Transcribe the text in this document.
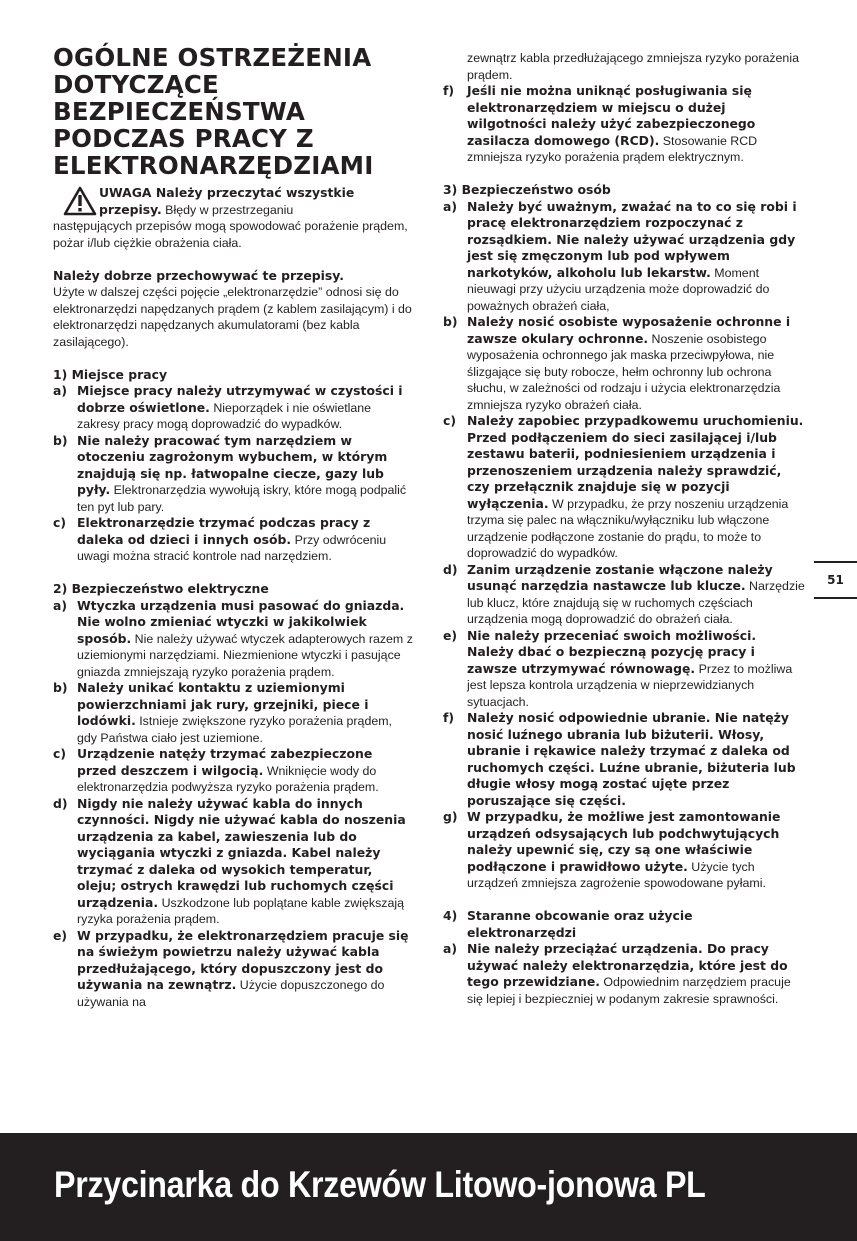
OGÓLNE OSTRZEŻENIA
DOTYCZĄCE
BEZPIECZEŃSTWA
PODCZAS PRACY Z
ELEKTRONARZĘDZIAMI
UWAGA Należy przeczytać wszystkie
przepisy. Błędy w przestrzeganiu
następujących przepisów mogą spowodować porażenie prądem, pożar i/lub ciężkie obrażenia ciała.

Należy dobrze przechowywać te przepisy.
Użyte w dalszej części pojęcie „elektronarzędzie” odnosi się do elektronarzędzi napędzanych prądem (z kablem zasilającym) i do elektronarzędzi napędzanych akumulatorami (bez kabla zasilającego).

1) Miejsce pracy
a) Miejsce pracy należy utrzymywać w czystości i dobrze oświetlone. Nieporządek i nie oświetlane zakresy pracy mogą doprowadzić do wypadków.
b) Nie należy pracować tym narzędziem w otoczeniu zagrożonym wybuchem, w którym znajdują się np. łatwopalne ciecze, gazy lub pyły. Elektronarzędzia wywołują iskry, które mogą podpalić ten pyt lub pary.
c) Elektronarzędzie trzymać podczas pracy z daleka od dzieci i innych osób. Przy odwróceniu uwagi można stracić kontrole nad narzędziem.
2) Bezpieczeństwo elektryczne
a) Wtyczka urządzenia musi pasować do gniazda. Nie wolno zmieniać wtyczki w jakikolwiek sposób. Nie należy używać wtyczek adapterowych razem z uziemionymi narzędziami. Niezmienione wtyczki i pasujące gniazda zmniejszają ryzyko porażenia prądem.
b) Należy unikać kontaktu z uziemionymi powierzchniami jak rury, grzejniki, piece i lodówki. Istnieje zwiększone ryzyko porażenia prądem, gdy Państwa ciało jest uziemione.
c) Urządzenie natęży trzymać zabezpieczone przed deszczem i wilgocią. Wniknięcie wody do elektronarzędzia podwyższa ryzyko porażenia prądem.
d) Nigdy nie należy używać kabla do innych czynności. Nigdy nie używać kabla do noszenia urządzenia za kabel, zawieszenia lub do wyciągania wtyczki z gniazda. Kabel należy trzymać z daleka od wysokich temperatur, oleju; ostrych krawędzi lub ruchomych części urządzenia. Uszkodzone lub poplątane kable zwiększają ryzyka porażenia prądem.
e) W przypadku, że elektronarzędziem pracuje się na świeżym powietrzu należy używać kabla przedłużającego, który dopuszczony jest do używania na zewnątrz. Użycie dopuszczonego do używania na
zewnątrz kabla przedłużającego zmniejsza ryzyko porażenia prądem.
f) Jeśli nie można uniknąć posługiwania się elektronarzędziem w miejscu o dużej wilgotności należy użyć zabezpieczonego zasilacza domowego (RCD). Stosowanie RCD zmniejsza ryzyko porażenia prądem elektrycznym.
3) Bezpieczeństwo osób
a) Należy być uważnym, zważać na to co się robi i pracę elektronarzędziem rozpoczynać z rozsądkiem. Nie należy używać urządzenia gdy jest się zmęczonym lub pod wpływem narkotyków, alkoholu lub lekarstw. Moment nieuwagi przy użyciu urządzenia może doprowadzić do poważnych obrażeń ciała,
b) Należy nosić osobiste wyposażenie ochronne i zawsze okulary ochronne. Noszenie osobistego wyposażenia ochronnego jak maska przeciwpyłowa, nie ślizgające się buty robocze, hełm ochronny lub ochrona słuchu, w zależności od rodzaju i użycia elektronarzędzia zmniejsza ryzyko obrażeń ciała.
c) Należy zapobiec przypadkowemu uruchomieniu. Przed podłączeniem do sieci zasilającej i/lub zestawu baterii, podniesieniem urządzenia i przenoszeniem urządzenia należy sprawdzić, czy przełącznik znajduje się w pozycji wyłączenia. W przypadku, że przy noszeniu urządzenia trzyma się palec na włączniku/wyłączniku lub włączone urządzenie podłączone zostanie do prądu, to może to doprowadzić do wypadków.
d) Zanim urządzenie zostanie włączone należy usunąć narzędzia nastawcze lub klucze. Narzędzie lub klucz, które znajdują się w ruchomych częściach urządzenia mogą doprowadzić do obrażeń ciała.
e) Nie należy przeceniać swoich możliwości. Należy dbać o bezpieczną pozycję pracy i zawsze utrzymywać równowagę. Przez to możliwa jest lepsza kontrola urządzenia w nieprzewidzianych sytuacjach.
f) Należy nosić odpowiednie ubranie. Nie natęży nosić luźnego ubrania lub biżuterii. Włosy, ubranie i rękawice należy trzymać z daleka od ruchomych części. Luźne ubranie, biżuteria lub długie włosy mogą zostać ujęte przez poruszające się części.
g) W przypadku, że możliwe jest zamontowanie urządzeń odsysających lub podchwytujących należy upewnić się, czy są one właściwie podłączone i prawidłowo użyte. Użycie tych urządzeń zmniejsza zagrożenie spowodowane pyłami.
4) Staranne obcowanie oraz użycie elektronarzędzi
a) Nie należy przeciążać urządzenia. Do pracy używać należy elektronarzędzia, które jest do tego przewidziane. Odpowiednim narzędziem pracuje się lepiej i bezpieczniej w podanym zakresie sprawności.
51
Przycinarka do Krzewów Litowo-jonowa PL
